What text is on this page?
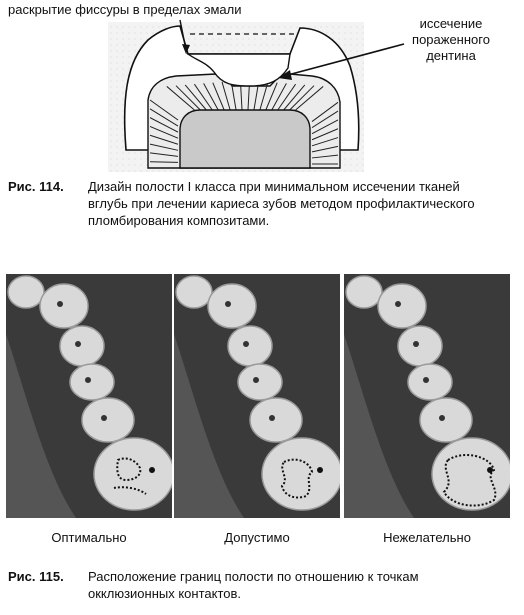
раскрытие фиссуры в пределах эмали
иссечение
пораженного
дентина
Рис. 114. Дизайн полости I класса при минимальном иссечении тканей вглубь при лечении кариеса зубов методом профилактического пломбирования композитами.
Оптимально	Допустимо	Нежелательно
Рис. 115. Расположение границ полости по отношению к точкам окклюзионных контактов.
